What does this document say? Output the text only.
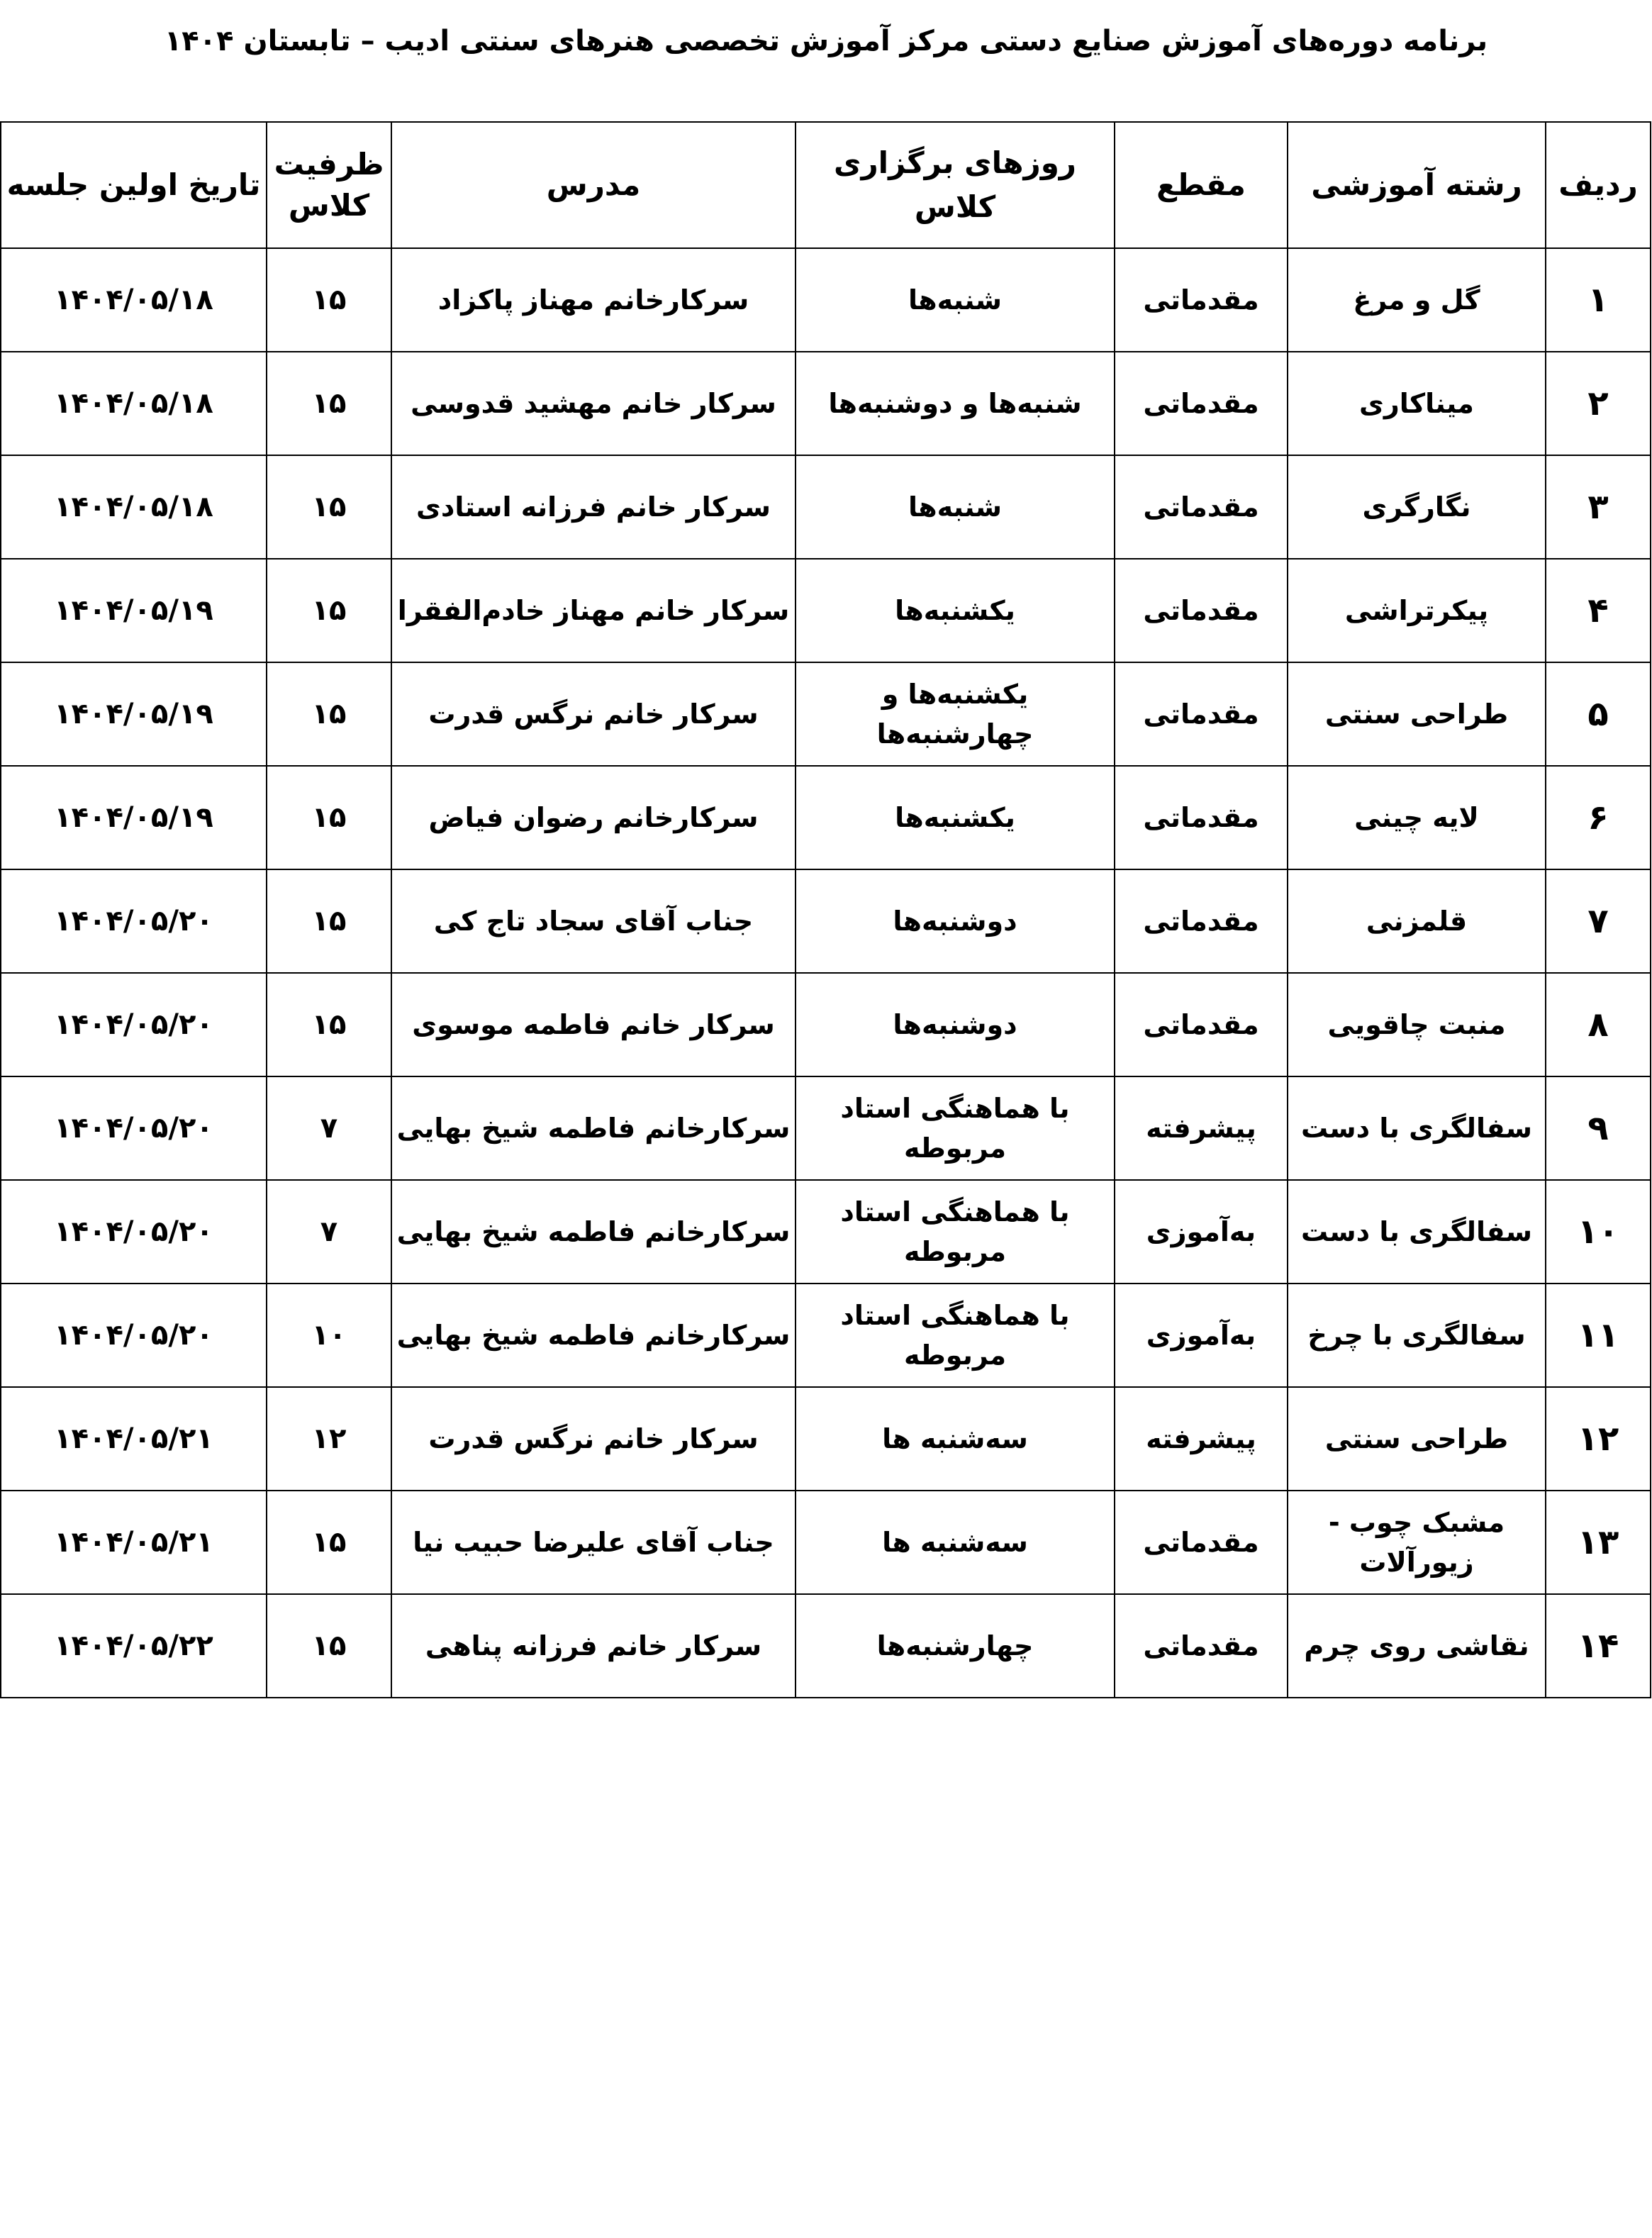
برنامه دوره‌های آموزش صنایع دستی مرکز آموزش تخصصی هنرهای سنتی ادیب – تابستان ۱۴۰۴
ردیف	رشته آموزشی	مقطع	روزهای برگزاری کلاس	مدرس	ظرفیت کلاس	تاریخ اولین جلسه
۱	گل و مرغ	مقدماتی	شنبه‌ها	سرکارخانم مهناز پاکزاد	۱۵	۱۴۰۴/۰۵/۱۸
۲	میناکاری	مقدماتی	شنبه‌ها و دوشنبه‌ها	سرکار خانم مهشید قدوسی	۱۵	۱۴۰۴/۰۵/۱۸
۳	نگارگری	مقدماتی	شنبه‌ها	سرکار خانم فرزانه استادی	۱۵	۱۴۰۴/۰۵/۱۸
۴	پیکرتراشی	مقدماتی	یکشنبه‌ها	سرکار خانم مهناز خادم‌الفقرا	۱۵	۱۴۰۴/۰۵/۱۹
۵	طراحی سنتی	مقدماتی	یکشنبه‌ها و چهارشنبه‌ها	سرکار خانم نرگس قدرت	۱۵	۱۴۰۴/۰۵/۱۹
۶	لایه چینی	مقدماتی	یکشنبه‌ها	سرکارخانم رضوان فیاض	۱۵	۱۴۰۴/۰۵/۱۹
۷	قلمزنی	مقدماتی	دوشنبه‌ها	جناب آقای سجاد تاج کی	۱۵	۱۴۰۴/۰۵/۲۰
۸	منبت چاقویی	مقدماتی	دوشنبه‌ها	سرکار خانم فاطمه موسوی	۱۵	۱۴۰۴/۰۵/۲۰
۹	سفالگری با دست	پیشرفته	با هماهنگی استاد مربوطه	سرکارخانم فاطمه شیخ بهایی	۷	۱۴۰۴/۰۵/۲۰
۱۰	سفالگری با دست	به‌آموزی	با هماهنگی استاد مربوطه	سرکارخانم فاطمه شیخ بهایی	۷	۱۴۰۴/۰۵/۲۰
۱۱	سفالگری با چرخ	به‌آموزی	با هماهنگی استاد مربوطه	سرکارخانم فاطمه شیخ بهایی	۱۰	۱۴۰۴/۰۵/۲۰
۱۲	طراحی سنتی	پیشرفته	سه‌شنبه ها	سرکار خانم نرگس قدرت	۱۲	۱۴۰۴/۰۵/۲۱
۱۳	مشبک چوب - زیورآلات	مقدماتی	سه‌شنبه ها	جناب آقای علیرضا حبیب نیا	۱۵	۱۴۰۴/۰۵/۲۱
۱۴	نقاشی روی چرم	مقدماتی	چهارشنبه‌ها	سرکار خانم فرزانه پناهی	۱۵	۱۴۰۴/۰۵/۲۲
